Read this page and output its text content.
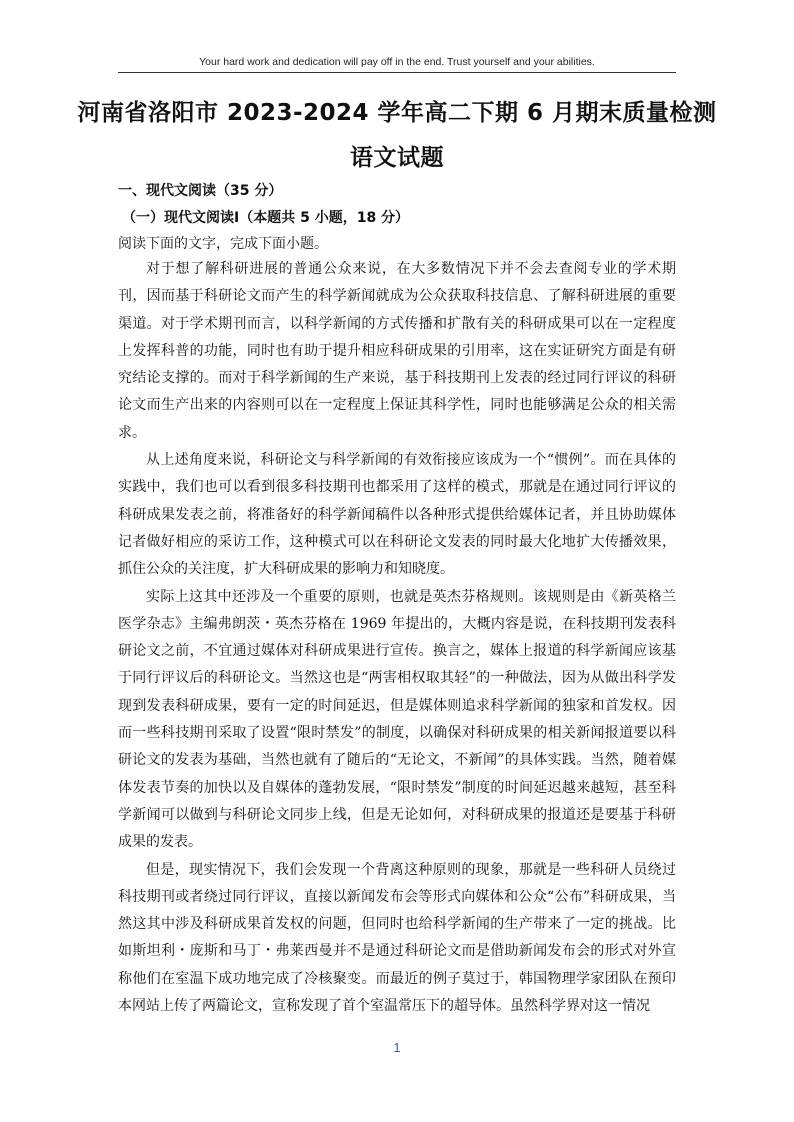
Your hard work and dedication will pay off in the end. Trust yourself and your abilities.
河南省洛阳市 2023-2024 学年高二下期 6 月期末质量检测
语文试题
一、现代文阅读（35 分）
（一）现代文阅读Ⅰ（本题共 5 小题，18 分）
阅读下面的文字，完成下面小题。

对于想了解科研进展的普通公众来说，在大多数情况下并不会去查阅专业的学术期刊，因而基于科研论文而产生的科学新闻就成为公众获取科技信息、了解科研进展的重要渠道。对于学术期刊而言，以科学新闻的方式传播和扩散有关的科研成果可以在一定程度上发挥科普的功能，同时也有助于提升相应科研成果的引用率，这在实证研究方面是有研究结论支撑的。而对于科学新闻的生产来说，基于科技期刊上发表的经过同行评议的科研论文而生产出来的内容则可以在一定程度上保证其科学性，同时也能够满足公众的相关需求。

从上述角度来说，科研论文与科学新闻的有效衔接应该成为一个“惯例”。而在具体的实践中，我们也可以看到很多科技期刊也都采用了这样的模式，那就是在通过同行评议的科研成果发表之前，将准备好的科学新闻稿件以各种形式提供给媒体记者，并且协助媒体记者做好相应的采访工作，这种模式可以在科研论文发表的同时最大化地扩大传播效果，抓住公众的关注度，扩大科研成果的影响力和知晓度。

实际上这其中还涉及一个重要的原则，也就是英杰芬格规则。该规则是由《新英格兰医学杂志》主编弗朗茨・英杰芬格在 1969 年提出的，大概内容是说，在科技期刊发表科研论文之前，不宜通过媒体对科研成果进行宣传。换言之，媒体上报道的科学新闻应该基于同行评议后的科研论文。当然这也是“两害相权取其轻”的一种做法，因为从做出科学发现到发表科研成果，要有一定的时间延迟，但是媒体则追求科学新闻的独家和首发权。因而一些科技期刊采取了设置“限时禁发”的制度，以确保对科研成果的相关新闻报道要以科研论文的发表为基础，当然也就有了随后的“无论文，不新闻”的具体实践。当然，随着媒体发表节奏的加快以及自媒体的蓬勃发展，“限时禁发”制度的时间延迟越来越短，甚至科学新闻可以做到与科研论文同步上线，但是无论如何，对科研成果的报道还是要基于科研成果的发表。

但是，现实情况下，我们会发现一个背离这种原则的现象，那就是一些科研人员绕过科技期刊或者绕过同行评议，直接以新闻发布会等形式向媒体和公众“公布”科研成果，当然这其中涉及科研成果首发权的问题，但同时也给科学新闻的生产带来了一定的挑战。比如斯坦利・庞斯和马丁・弗莱西曼并不是通过科研论文而是借助新闻发布会的形式对外宣称他们在室温下成功地完成了冷核聚变。而最近的例子莫过于，韩国物理学家团队在预印本网站上传了两篇论文，宣称发现了首个室温常压下的超导体。虽然科学界对这一情况

1
